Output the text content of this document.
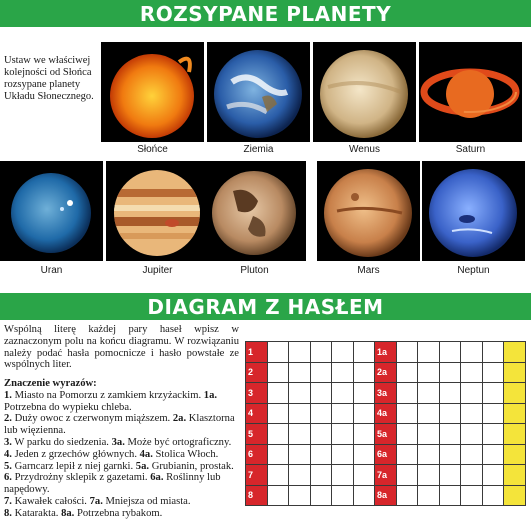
ROZSYPANE PLANETY
Ustaw we właściwej kolejności od Słońca rozsypane planety Układu Słonecznego.
Słońce	Ziemia	Wenus	Saturn
Uran	Jupiter	Pluton	Mars	Neptun
DIAGRAM Z HASŁEM
Wspólną literę każdej pary haseł wpisz w zaznaczonym polu na końcu diagramu. W rozwiązaniu należy podać hasła pomocnicze i hasło powstałe ze wspólnych liter.
Znaczenie wyrazów:
1. Miasto na Pomorzu z zamkiem krzyżackim. 1a. Potrzebna do wypieku chleba.
2. Duży owoc z czerwonym miąższem. 2a. Klasztorna lub więzienna.
3. W parku do siedzenia. 3a. Może być ortograficzny.
4. Jeden z grzechów głównych. 4a. Stolica Włoch.
5. Garncarz lepił z niej garnki. 5a. Grubianin, prostak.
6. Przydrożny sklepik z gazetami. 6a. Roślinny lub napędowy.
7. Kawałek całości. 7a. Mniejsza od miasta.
8. Katarakta. 8a. Potrzebna rybakom.
1						1a						
2						2a						
3						3a						
4						4a						
5						5a						
6						6a						
7						7a						
8						8a						
